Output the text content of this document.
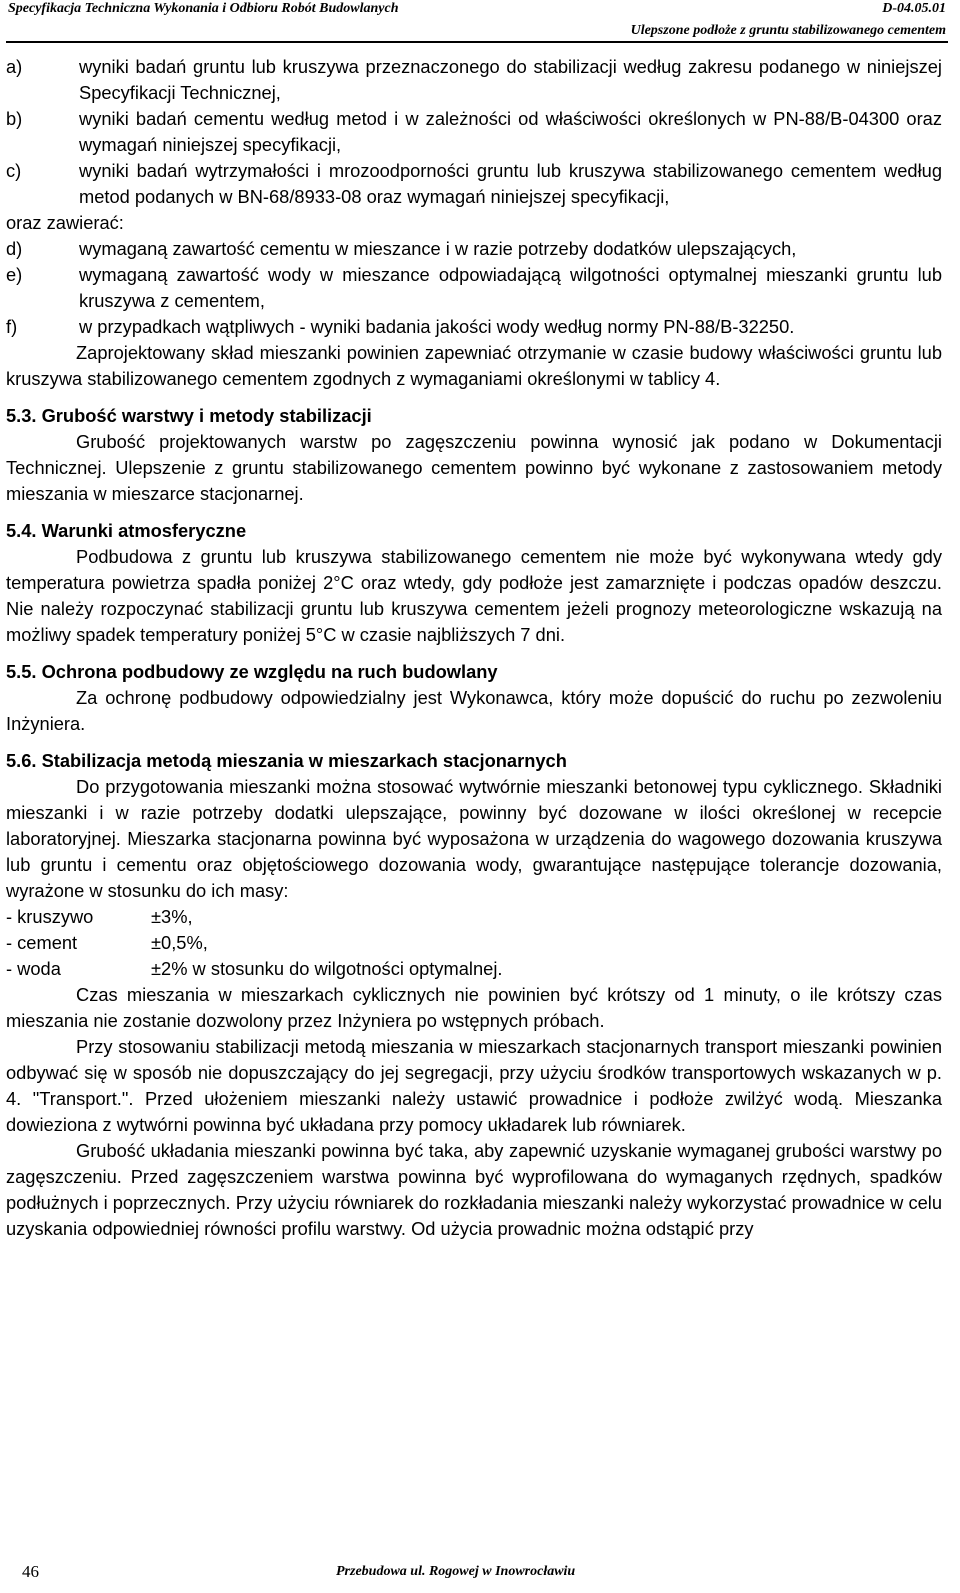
Specyfikacja Techniczna Wykonania i Odbioru Robót Budowlanych	D-04.05.01
Ulepszone podłoże z gruntu stabilizowanego cementem
a)	wyniki badań gruntu lub kruszywa przeznaczonego do stabilizacji według zakresu podanego w niniejszej Specyfikacji Technicznej,
b)	wyniki badań cementu według metod i w zależności od właściwości określonych w PN-88/B-04300 oraz wymagań niniejszej specyfikacji,
c)	wyniki badań wytrzymałości i mrozoodporności gruntu lub kruszywa stabilizowanego cementem według metod podanych w BN-68/8933-08 oraz wymagań niniejszej specyfikacji,

oraz zawierać:

d)	wymaganą zawartość cementu w mieszance i w razie potrzeby dodatków ulepszających,
e)	wymaganą zawartość wody w mieszance odpowiadającą wilgotności optymalnej mieszanki gruntu lub kruszywa z cementem,
f)	w przypadkach wątpliwych - wyniki badania jakości wody według normy PN-88/B-32250.

Zaprojektowany skład mieszanki powinien zapewniać otrzymanie w czasie budowy właściwości gruntu lub kruszywa stabilizowanego cementem zgodnych z wymaganiami określonymi w tablicy 4.

5.3. Grubość warstwy i metody stabilizacji

Grubość projektowanych warstw po zagęszczeniu powinna wynosić jak podano w Dokumentacji Technicznej. Ulepszenie z gruntu stabilizowanego cementem powinno być wykonane z zastosowaniem metody mieszania w mieszarce stacjonarnej.

5.4. Warunki atmosferyczne

Podbudowa z gruntu lub kruszywa stabilizowanego cementem nie może być wykonywana wtedy gdy temperatura powietrza spadła poniżej 2°C oraz wtedy, gdy podłoże jest zamarznięte i podczas opadów deszczu. Nie należy rozpoczynać stabilizacji gruntu lub kruszywa cementem jeżeli prognozy meteorologiczne wskazują na możliwy spadek temperatury poniżej 5°C w czasie najbliższych 7 dni.

5.5. Ochrona podbudowy ze względu na ruch budowlany

Za ochronę podbudowy odpowiedzialny jest Wykonawca, który może dopuścić do ruchu po zezwoleniu Inżyniera.

5.6. Stabilizacja metodą mieszania w mieszarkach stacjonarnych

Do przygotowania mieszanki można stosować wytwórnie mieszanki betonowej typu cyklicznego. Składniki mieszanki i w razie potrzeby dodatki ulepszające, powinny być dozowane w ilości określonej w recepcie laboratoryjnej. Mieszarka stacjonarna powinna być wyposażona w urządzenia do wagowego dozowania kruszywa lub gruntu i cementu oraz objętościowego dozowania wody, gwarantujące następujące tolerancje dozowania, wyrażone w stosunku do ich masy:

- kruszywo	±3%,
- cement	±0,5%,
- woda	±2% w stosunku do wilgotności optymalnej.

Czas mieszania w mieszarkach cyklicznych nie powinien być krótszy od 1 minuty, o ile krótszy czas mieszania nie zostanie dozwolony przez Inżyniera po wstępnych próbach.

Przy stosowaniu stabilizacji metodą mieszania w mieszarkach stacjonarnych transport mieszanki powinien odbywać się w sposób nie dopuszczający do jej segregacji, przy użyciu środków transportowych wskazanych w p. 4. "Transport.". Przed ułożeniem mieszanki należy ustawić prowadnice i podłoże zwilżyć wodą. Mieszanka dowieziona z wytwórni powinna być układana przy pomocy układarek lub równiarek.

Grubość układania mieszanki powinna być taka, aby zapewnić uzyskanie wymaganej grubości warstwy po zagęszczeniu. Przed zagęszczeniem warstwa powinna być wyprofilowana do wymaganych rzędnych, spadków podłużnych i poprzecznych. Przy użyciu równiarek do rozkładania mieszanki należy wykorzystać prowadnice w celu uzyskania odpowiedniej równości profilu warstwy. Od użycia prowadnic można odstąpić przy

46	Przebudowa ul. Rogowej w Inowrocławiu
